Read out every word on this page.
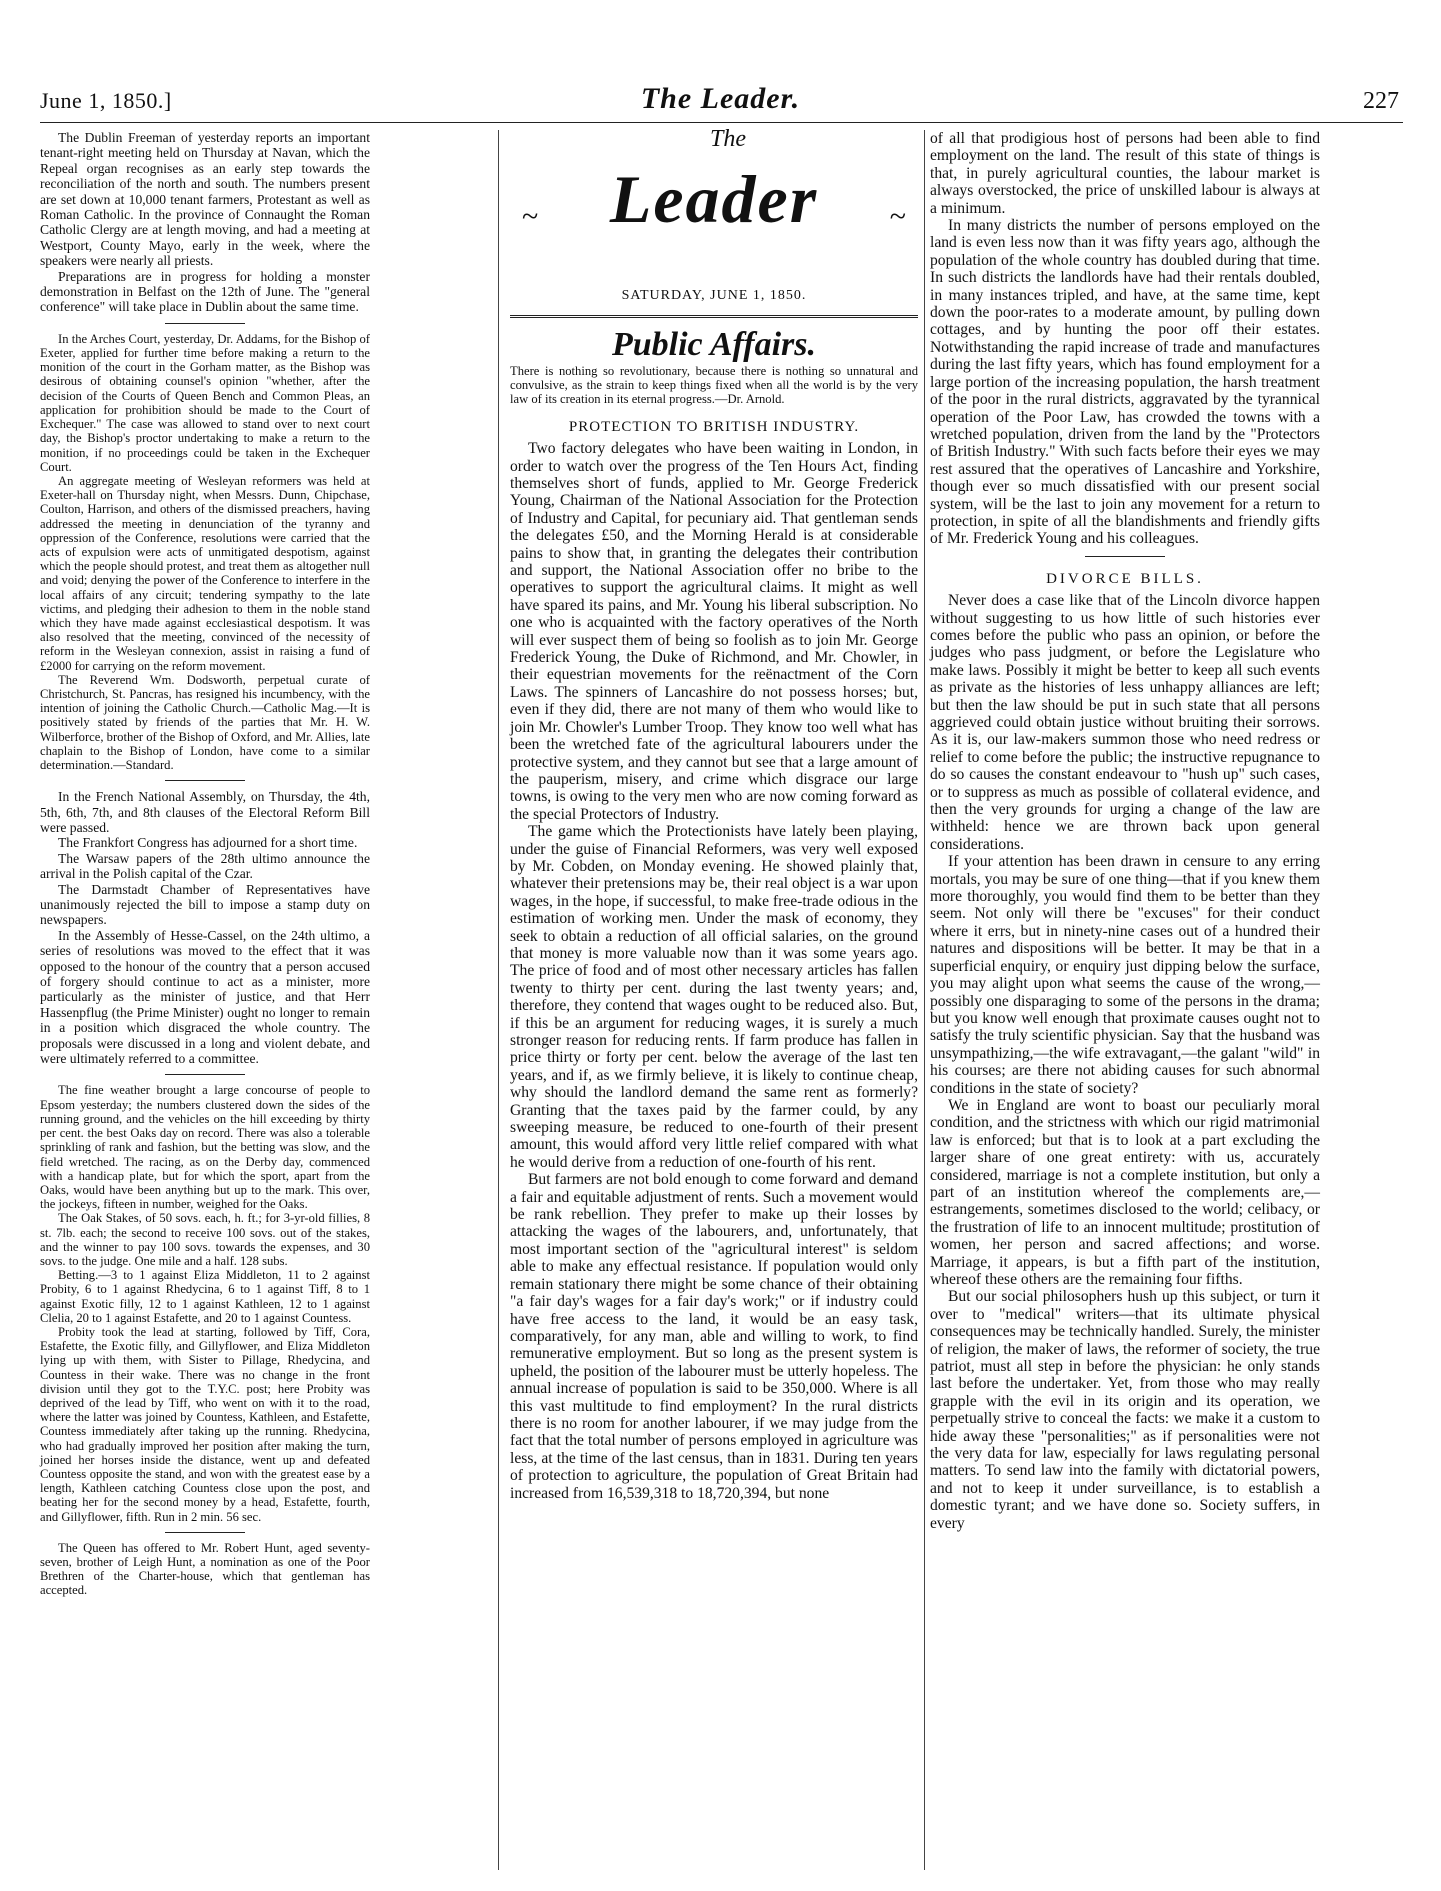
June 1, 1850.]	The Leader.	227

The Dublin Freeman of yesterday reports an important tenant-right meeting held on Thursday at Navan, which the Repeal organ recognises as an early step towards the reconciliation of the north and south. The numbers present are set down at 10,000 tenant farmers, Protestant as well as Roman Catholic. In the province of Connaught the Roman Catholic Clergy are at length moving, and had a meeting at Westport, County Mayo, early in the week, where the speakers were nearly all priests.

Preparations are in progress for holding a monster demonstration in Belfast on the 12th of June. The "general conference" will take place in Dublin about the same time.

In the Arches Court, yesterday, Dr. Addams, for the Bishop of Exeter, applied for further time before making a return to the monition of the court in the Gorham matter, as the Bishop was desirous of obtaining counsel's opinion "whether, after the decision of the Courts of Queen Bench and Common Pleas, an application for prohibition should be made to the Court of Exchequer." The case was allowed to stand over to next court day, the Bishop's proctor undertaking to make a return to the monition, if no proceedings could be taken in the Exchequer Court.

An aggregate meeting of Wesleyan reformers was held at Exeter-hall on Thursday night, when Messrs. Dunn, Chipchase, Coulton, Harrison, and others of the dismissed preachers, having addressed the meeting in denunciation of the tyranny and oppression of the Conference, resolutions were carried that the acts of expulsion were acts of unmitigated despotism, against which the people should protest, and treat them as altogether null and void; denying the power of the Conference to interfere in the local affairs of any circuit; tendering sympathy to the late victims, and pledging their adhesion to them in the noble stand which they have made against ecclesiastical despotism. It was also resolved that the meeting, convinced of the necessity of reform in the Wesleyan connexion, assist in raising a fund of £2000 for carrying on the reform movement.

The Reverend Wm. Dodsworth, perpetual curate of Christchurch, St. Pancras, has resigned his incumbency, with the intention of joining the Catholic Church.—Catholic Mag.—It is positively stated by friends of the parties that Mr. H. W. Wilberforce, brother of the Bishop of Oxford, and Mr. Allies, late chaplain to the Bishop of London, have come to a similar determination.—Standard.

In the French National Assembly, on Thursday, the 4th, 5th, 6th, 7th, and 8th clauses of the Electoral Reform Bill were passed.

The Frankfort Congress has adjourned for a short time.

The Warsaw papers of the 28th ultimo announce the arrival in the Polish capital of the Czar.

The Darmstadt Chamber of Representatives have unanimously rejected the bill to impose a stamp duty on newspapers.

In the Assembly of Hesse-Cassel, on the 24th ultimo, a series of resolutions was moved to the effect that it was opposed to the honour of the country that a person accused of forgery should continue to act as a minister, more particularly as the minister of justice, and that Herr Hassenpflug (the Prime Minister) ought no longer to remain in a position which disgraced the whole country. The proposals were discussed in a long and violent debate, and were ultimately referred to a committee.

The fine weather brought a large concourse of people to Epsom yesterday; the numbers clustered down the sides of the running ground, and the vehicles on the hill exceeding by thirty per cent. the best Oaks day on record. There was also a tolerable sprinkling of rank and fashion, but the betting was slow, and the field wretched. The racing, as on the Derby day, commenced with a handicap plate, but for which the sport, apart from the Oaks, would have been anything but up to the mark. This over, the jockeys, fifteen in number, weighed for the Oaks.

The Oak Stakes, of 50 sovs. each, h. ft.; for 3-yr-old fillies, 8 st. 7lb. each; the second to receive 100 sovs. out of the stakes, and the winner to pay 100 sovs. towards the expenses, and 30 sovs. to the judge. One mile and a half. 128 subs.

Betting.—3 to 1 against Eliza Middleton, 11 to 2 against Probity, 6 to 1 against Rhedycina, 6 to 1 against Tiff, 8 to 1 against Exotic filly, 12 to 1 against Kathleen, 12 to 1 against Clelia, 20 to 1 against Estafette, and 20 to 1 against Countess.

Probity took the lead at starting, followed by Tiff, Cora, Estafette, the Exotic filly, and Gillyflower, and Eliza Middleton lying up with them, with Sister to Pillage, Rhedycina, and Countess in their wake. There was no change in the front division until they got to the T.Y.C. post; here Probity was deprived of the lead by Tiff, who went on with it to the road, where the latter was joined by Countess, Kathleen, and Estafette, Countess immediately after taking up the running. Rhedycina, who had gradually improved her position after making the turn, joined her horses inside the distance, went up and defeated Countess opposite the stand, and won with the greatest ease by a length, Kathleen catching Countess close upon the post, and beating her for the second money by a head, Estafette, fourth, and Gillyflower, fifth. Run in 2 min. 56 sec.

The Queen has offered to Mr. Robert Hunt, aged seventy-seven, brother of Leigh Hunt, a nomination as one of the Poor Brethren of the Charter-house, which that gentleman has accepted.

The
~	Leader	~
SATURDAY, JUNE 1, 1850.
Public Affairs.
There is nothing so revolutionary, because there is nothing so unnatural and convulsive, as the strain to keep things fixed when all the world is by the very law of its creation in its eternal progress.—Dr. Arnold.
PROTECTION TO BRITISH INDUSTRY.

Two factory delegates who have been waiting in London, in order to watch over the progress of the Ten Hours Act, finding themselves short of funds, applied to Mr. George Frederick Young, Chairman of the National Association for the Protection of Industry and Capital, for pecuniary aid. That gentleman sends the delegates £50, and the Morning Herald is at considerable pains to show that, in granting the delegates their contribution and support, the National Association offer no bribe to the operatives to support the agricultural claims. It might as well have spared its pains, and Mr. Young his liberal subscription. No one who is acquainted with the factory operatives of the North will ever suspect them of being so foolish as to join Mr. George Frederick Young, the Duke of Richmond, and Mr. Chowler, in their equestrian movements for the reënactment of the Corn Laws. The spinners of Lancashire do not possess horses; but, even if they did, there are not many of them who would like to join Mr. Chowler's Lumber Troop. They know too well what has been the wretched fate of the agricultural labourers under the protective system, and they cannot but see that a large amount of the pauperism, misery, and crime which disgrace our large towns, is owing to the very men who are now coming forward as the special Protectors of Industry.

The game which the Protectionists have lately been playing, under the guise of Financial Reformers, was very well exposed by Mr. Cobden, on Monday evening. He showed plainly that, whatever their pretensions may be, their real object is a war upon wages, in the hope, if successful, to make free-trade odious in the estimation of working men. Under the mask of economy, they seek to obtain a reduction of all official salaries, on the ground that money is more valuable now than it was some years ago. The price of food and of most other necessary articles has fallen twenty to thirty per cent. during the last twenty years; and, therefore, they contend that wages ought to be reduced also. But, if this be an argument for reducing wages, it is surely a much stronger reason for reducing rents. If farm produce has fallen in price thirty or forty per cent. below the average of the last ten years, and if, as we firmly believe, it is likely to continue cheap, why should the landlord demand the same rent as formerly? Granting that the taxes paid by the farmer could, by any sweeping measure, be reduced to one-fourth of their present amount, this would afford very little relief compared with what he would derive from a reduction of one-fourth of his rent.

But farmers are not bold enough to come forward and demand a fair and equitable adjustment of rents. Such a movement would be rank rebellion. They prefer to make up their losses by attacking the wages of the labourers, and, unfortunately, that most important section of the "agricultural interest" is seldom able to make any effectual resistance. If population would only remain stationary there might be some chance of their obtaining "a fair day's wages for a fair day's work;" or if industry could have free access to the land, it would be an easy task, comparatively, for any man, able and willing to work, to find remunerative employment. But so long as the present system is upheld, the position of the labourer must be utterly hopeless. The annual increase of population is said to be 350,000. Where is all this vast multitude to find employment? In the rural districts there is no room for another labourer, if we may judge from the fact that the total number of persons employed in agriculture was less, at the time of the last census, than in 1831. During ten years of protection to agriculture, the population of Great Britain had increased from 16,539,318 to 18,720,394, but none

of all that prodigious host of persons had been able to find employment on the land. The result of this state of things is that, in purely agricultural counties, the labour market is always overstocked, the price of unskilled labour is always at a minimum.

In many districts the number of persons employed on the land is even less now than it was fifty years ago, although the population of the whole country has doubled during that time. In such districts the landlords have had their rentals doubled, in many instances tripled, and have, at the same time, kept down the poor-rates to a moderate amount, by pulling down cottages, and by hunting the poor off their estates. Notwithstanding the rapid increase of trade and manufactures during the last fifty years, which has found employment for a large portion of the increasing population, the harsh treatment of the poor in the rural districts, aggravated by the tyrannical operation of the Poor Law, has crowded the towns with a wretched population, driven from the land by the "Protectors of British Industry." With such facts before their eyes we may rest assured that the operatives of Lancashire and Yorkshire, though ever so much dissatisfied with our present social system, will be the last to join any movement for a return to protection, in spite of all the blandishments and friendly gifts of Mr. Frederick Young and his colleagues.

DIVORCE BILLS.

Never does a case like that of the Lincoln divorce happen without suggesting to us how little of such histories ever comes before the public who pass an opinion, or before the judges who pass judgment, or before the Legislature who make laws. Possibly it might be better to keep all such events as private as the histories of less unhappy alliances are left; but then the law should be put in such state that all persons aggrieved could obtain justice without bruiting their sorrows. As it is, our law-makers summon those who need redress or relief to come before the public; the instructive repugnance to do so causes the constant endeavour to "hush up" such cases, or to suppress as much as possible of collateral evidence, and then the very grounds for urging a change of the law are withheld: hence we are thrown back upon general considerations.

If your attention has been drawn in censure to any erring mortals, you may be sure of one thing—that if you knew them more thoroughly, you would find them to be better than they seem. Not only will there be "excuses" for their conduct where it errs, but in ninety-nine cases out of a hundred their natures and dispositions will be better. It may be that in a superficial enquiry, or enquiry just dipping below the surface, you may alight upon what seems the cause of the wrong,—possibly one disparaging to some of the persons in the drama; but you know well enough that proximate causes ought not to satisfy the truly scientific physician. Say that the husband was unsympathizing,—the wife extravagant,—the galant "wild" in his courses; are there not abiding causes for such abnormal conditions in the state of society?

We in England are wont to boast our peculiarly moral condition, and the strictness with which our rigid matrimonial law is enforced; but that is to look at a part excluding the larger share of one great entirety: with us, accurately considered, marriage is not a complete institution, but only a part of an institution whereof the complements are,—estrangements, sometimes disclosed to the world; celibacy, or the frustration of life to an innocent multitude; prostitution of women, her person and sacred affections; and worse. Marriage, it appears, is but a fifth part of the institution, whereof these others are the remaining four fifths.

But our social philosophers hush up this subject, or turn it over to "medical" writers—that its ultimate physical consequences may be technically handled. Surely, the minister of religion, the maker of laws, the reformer of society, the true patriot, must all step in before the physician: he only stands last before the undertaker. Yet, from those who may really grapple with the evil in its origin and its operation, we perpetually strive to conceal the facts: we make it a custom to hide away these "personalities;" as if personalities were not the very data for law, especially for laws regulating personal matters. To send law into the family with dictatorial powers, and not to keep it under surveillance, is to establish a domestic tyrant; and we have done so. Society suffers, in every
